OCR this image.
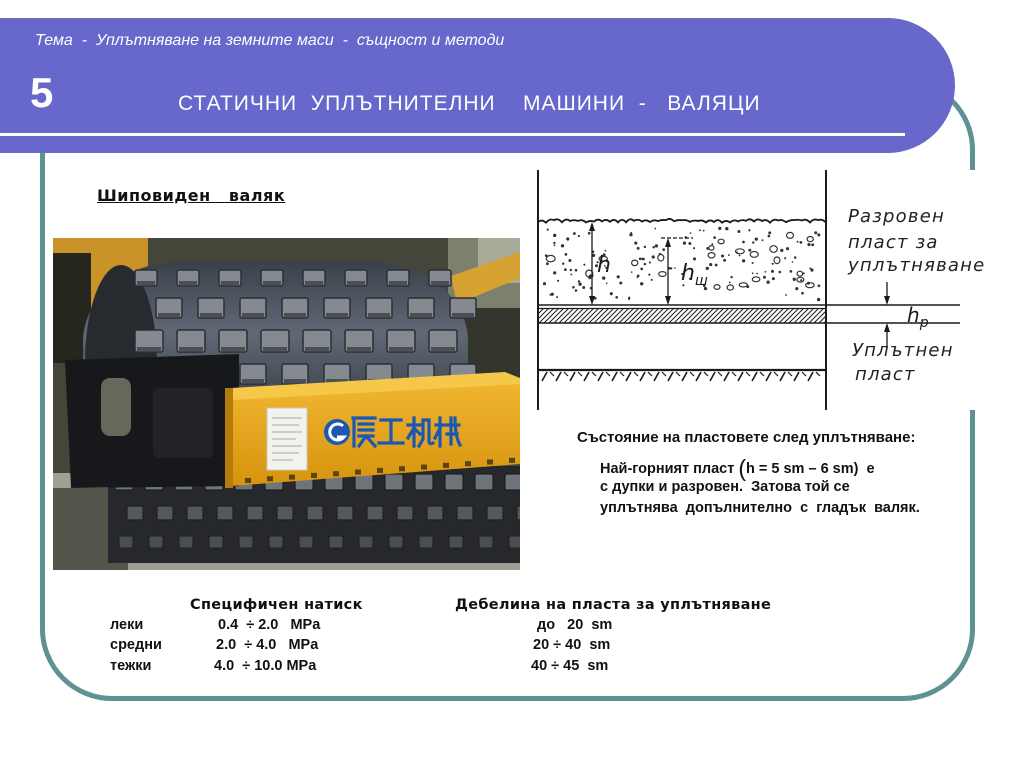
Тема  -  Уплътняване на земните маси  -  същност и методи
5	СТАТИЧНИ  УПЛЪТНИТЕЛНИ    МАШИНИ  -   ВАЛЯЦИ
Шиповиден   валяк
h	$h_ш$
$h_р$
Разровен
пласт за
уплътняване
Уплътнен
пласт
Състояние на пластовете след уплътняване:
Най-горният пласт (h = 5 sm – 6 sm)  е
с дупки и разровен.  Затова той се
уплътнява  допълнително  с  гладък  валяк.
Специфичен натиск	Дебелина на пласта за уплътняване
леки	0.4  ÷ 2.0   MPa	до   20  sm
средни	2.0  ÷ 4.0   MPa	20 ÷ 40  sm
тежки	4.0  ÷ 10.0 MPa	40 ÷ 45  sm
